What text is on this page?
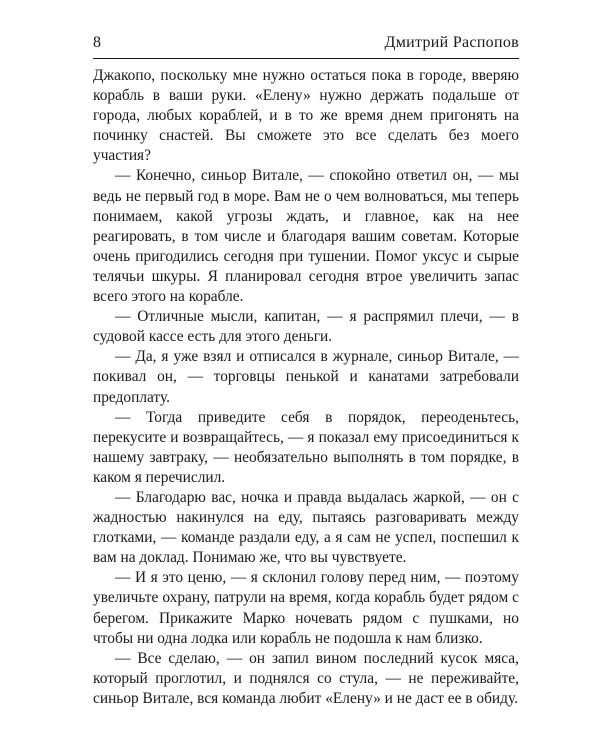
8	Дмитрий Распопов

Джакопо, поскольку мне нужно остаться пока в городе, вверяю корабль в ваши руки. «Елену» нужно держать подальше от города, любых кораблей, и в то же время днем пригонять на починку снастей. Вы сможете это все сделать без моего участия?

— Конечно, синьор Витале, — спокойно ответил он, — мы ведь не первый год в море. Вам не о чем волноваться, мы теперь понимаем, какой угрозы ждать, и главное, как на нее реагировать, в том числе и благодаря вашим советам. Которые очень пригодились сегодня при тушении. Помог уксус и сырые телячьи шкуры. Я планировал сегодня втрое увеличить запас всего этого на корабле.

— Отличные мысли, капитан, — я распрямил плечи, — в судовой кассе есть для этого деньги.

— Да, я уже взял и отписался в журнале, синьор Витале, — покивал он, — торговцы пенькой и канатами затребовали предоплату.

— Тогда приведите себя в порядок, переоденьтесь, перекусите и возвращайтесь, — я показал ему присоединиться к нашему завтраку, — необязательно выполнять в том порядке, в каком я перечислил.

— Благодарю вас, ночка и правда выдалась жаркой, — он с жадностью накинулся на еду, пытаясь разговаривать между глотками, — команде раздали еду, а я сам не успел, поспешил к вам на доклад. Понимаю же, что вы чувствуете.

— И я это ценю, — я склонил голову перед ним, — поэтому увеличьте охрану, патрули на время, когда корабль будет рядом с берегом. Прикажите Марко ночевать рядом с пушками, но чтобы ни одна лодка или корабль не подошла к нам близко.

— Все сделаю, — он запил вином последний кусок мяса, который проглотил, и поднялся со стула, — не переживайте, синьор Витале, вся команда любит «Елену» и не даст ее в обиду.
